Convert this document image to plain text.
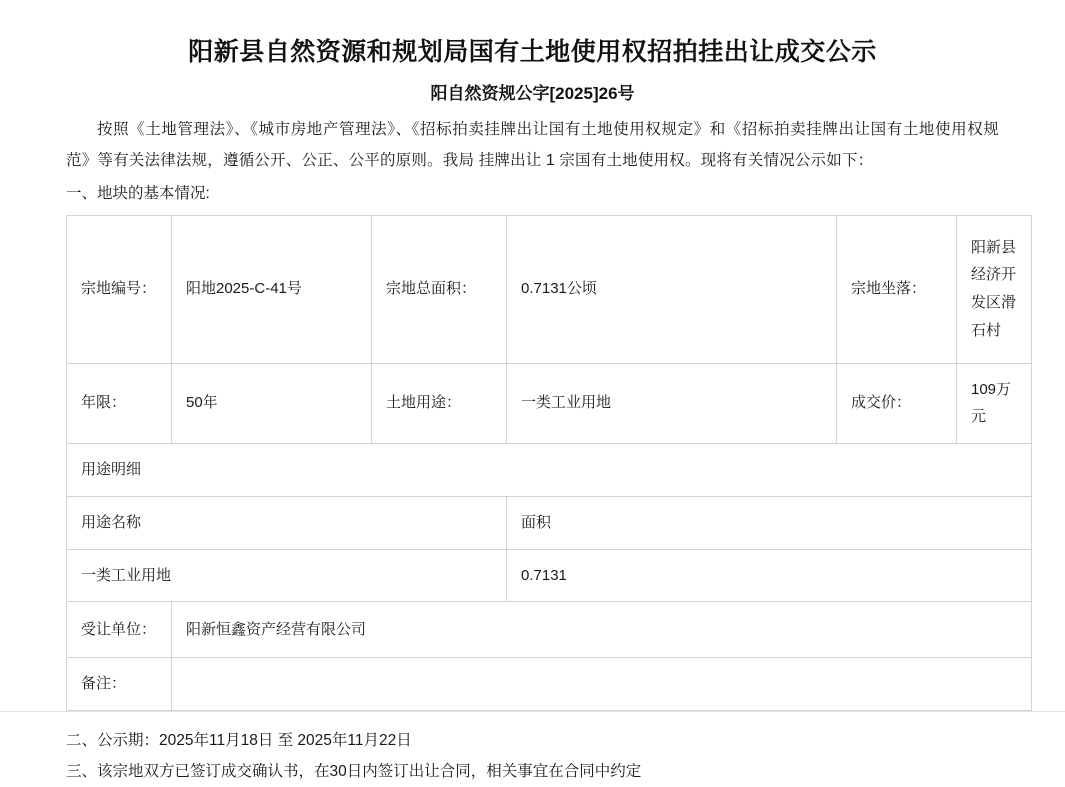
阳新县自然资源和规划局国有土地使用权招拍挂出让成交公示
阳自然资规公字[2025]26号

按照《土地管理法》、《城市房地产管理法》、《招标拍卖挂牌出让国有土地使用权规定》和《招标拍卖挂牌出让国有土地使用权规范》等有关法律法规，遵循公开、公正、公平的原则。我局 挂牌出让 1 宗国有土地使用权。现将有关情况公示如下：

一、地块的基本情况:

宗地编号：	阳地2025-C-41号	宗地总面积：	0.7131公顷	宗地坐落：	阳新县经济开发区滑石村
年限：	50年	土地用途：	一类工业用地	成交价：	109万元
用途明细					
用途名称			面积		
一类工业用地			0.7131		
受让单位：	阳新恒鑫资产经营有限公司				
备注：					
二、公示期：2025年11月18日 至 2025年11月22日
三、该宗地双方已签订成交确认书，在30日内签订出让合同，相关事宜在合同中约定
